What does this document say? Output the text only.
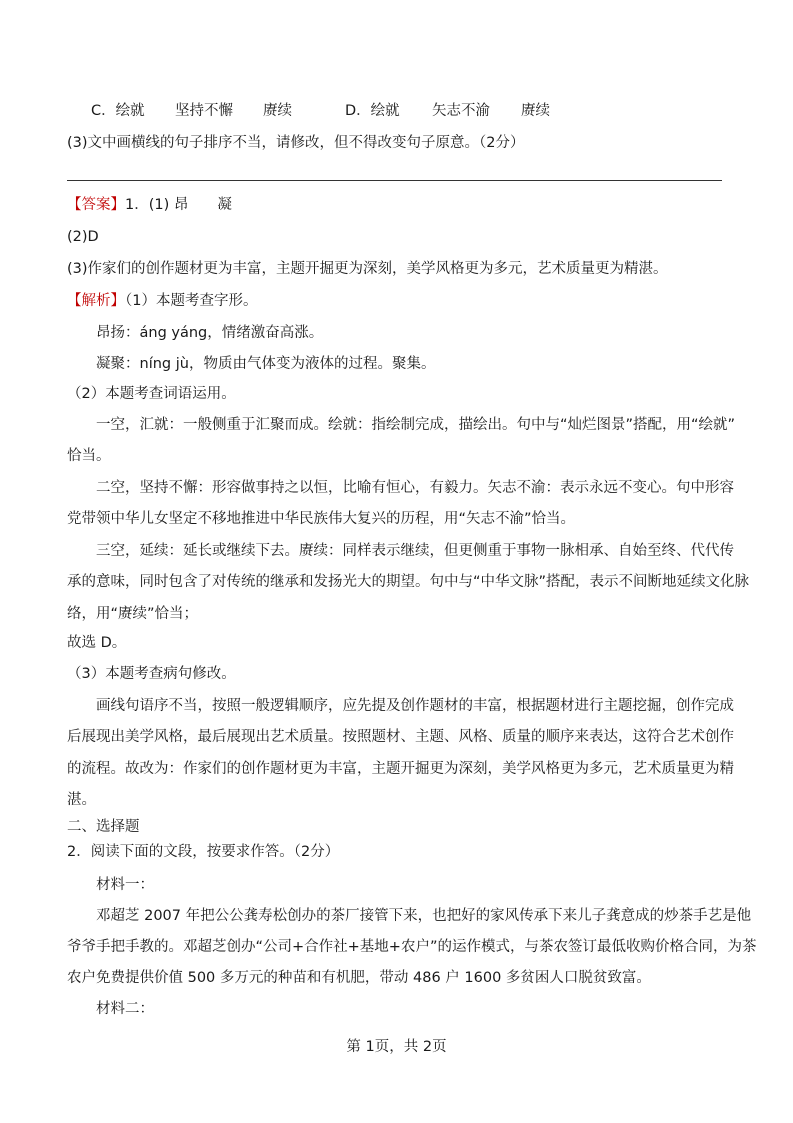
C．绘就 坚持不懈 赓续	D．绘就 矢志不渝 赓续
(3)文中画横线的句子排序不当，请修改，但不得改变句子原意。（2分）
【答案】1．(1) 昂　　凝
(2)D
(3)作家们的创作题材更为丰富，主题开掘更为深刻，美学风格更为多元，艺术质量更为精湛。
【解析】（1）本题考查字形。
昂扬：áng yáng，情绪激奋高涨。
凝聚：níng jù，物质由气体变为液体的过程。聚集。
（2）本题考查词语运用。
一空，汇就：一般侧重于汇聚而成。绘就：指绘制完成，描绘出。句中与“灿烂图景”搭配，用“绘就”
恰当。
二空，坚持不懈：形容做事持之以恒，比喻有恒心，有毅力。矢志不渝：表示永远不变心。句中形容
党带领中华儿女坚定不移地推进中华民族伟大复兴的历程，用“矢志不渝”恰当。
三空，延续：延长或继续下去。赓续：同样表示继续，但更侧重于事物一脉相承、自始至终、代代传
承的意味，同时包含了对传统的继承和发扬光大的期望。句中与“中华文脉”搭配，表示不间断地延续文化脉
络，用“赓续”恰当；
故选 D。
（3）本题考查病句修改。
画线句语序不当，按照一般逻辑顺序，应先提及创作题材的丰富，根据题材进行主题挖掘，创作完成
后展现出美学风格，最后展现出艺术质量。按照题材、主题、风格、质量的顺序来表达，这符合艺术创作
的流程。故改为：作家们的创作题材更为丰富，主题开掘更为深刻，美学风格更为多元，艺术质量更为精
湛。
二、选择题
2．阅读下面的文段，按要求作答。（2分）
材料一：
邓超芝 2007 年把公公龚寿松创办的茶厂接管下来，也把好的家风传承下来儿子龚意成的炒茶手艺是他
爷爷手把手教的。邓超芝创办“公司+合作社+基地+农户”的运作模式，与茶农签订最低收购价格合同，为茶
农户免费提供价值 500 多万元的种苗和有机肥，带动 486 户 1600 多贫困人口脱贫致富。
材料二：
第 1页，共 2页
